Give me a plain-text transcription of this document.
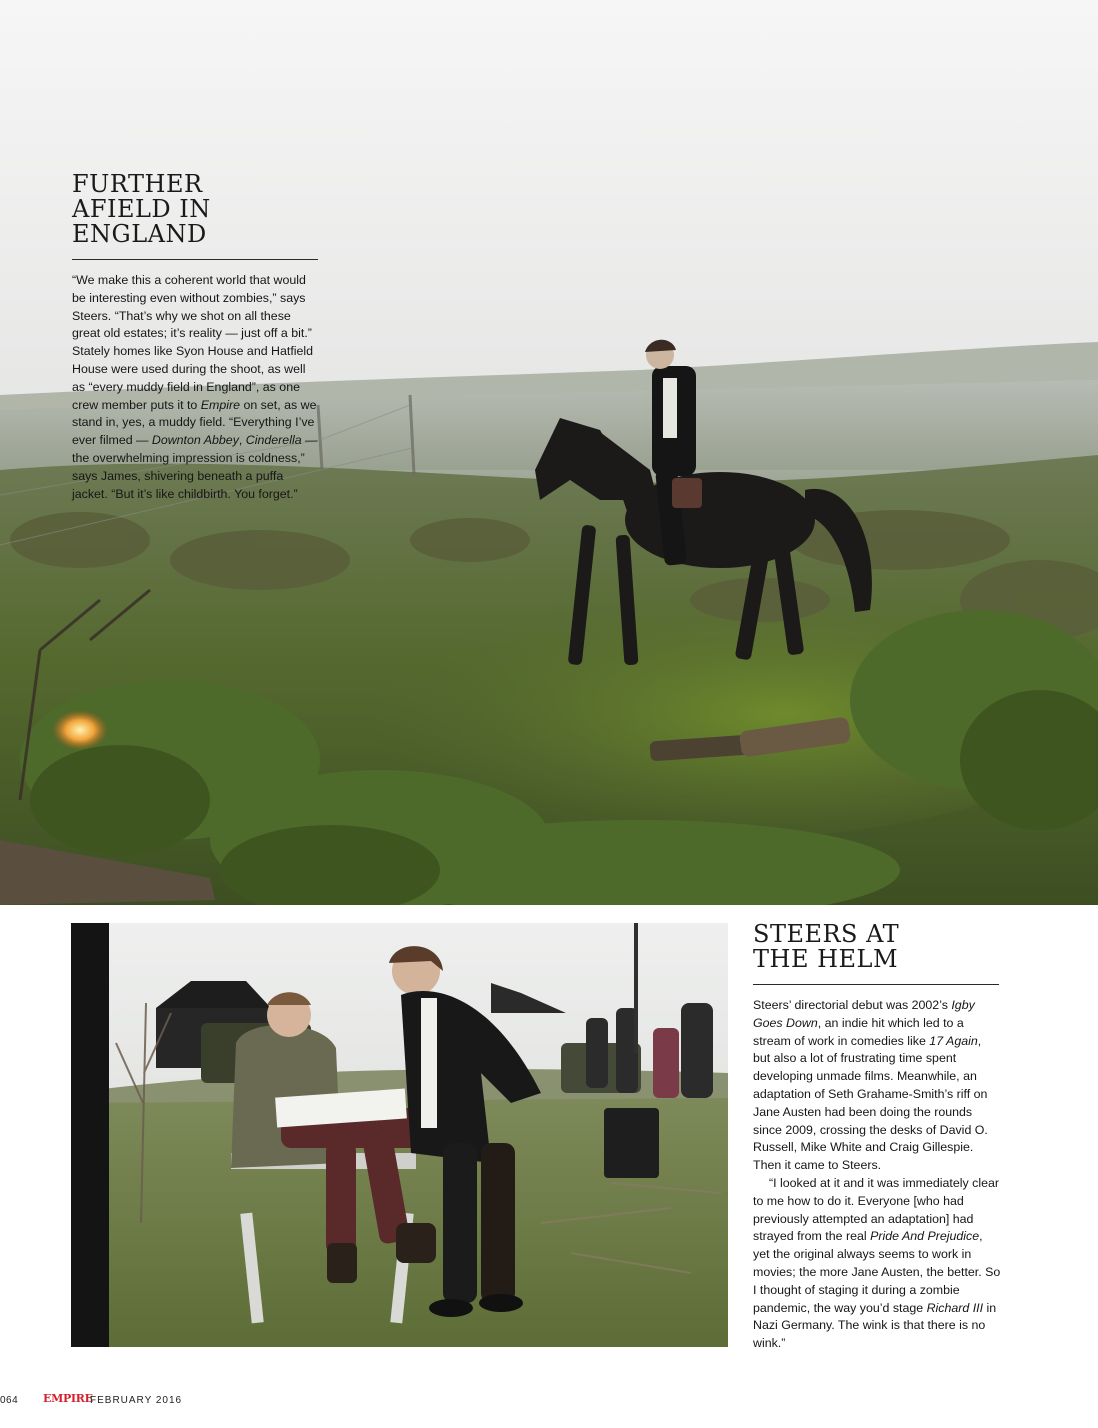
FURTHER
AFIELD IN
ENGLAND

“We make this a coherent world that would be interesting even without zombies,” says Steers. “That’s why we shot on all these great old estates; it’s reality — just off a bit.” Stately homes like Syon House and Hatfield House were used during the shoot, as well as “every muddy field in England”, as one crew member puts it to Empire on set, as we stand in, yes, a muddy field. “Everything I’ve ever filmed — Downton Abbey, Cinderella — the overwhelming impression is coldness,” says James, shivering beneath a puffa jacket. “But it’s like childbirth. You forget.”

STEERS AT
THE HELM

Steers’ directorial debut was 2002’s Igby Goes Down, an indie hit which led to a stream of work in comedies like 17 Again, but also a lot of frustrating time spent developing unmade films. Meanwhile, an adaptation of Seth Grahame-Smith’s riff on Jane Austen had been doing the rounds since 2009, crossing the desks of David O. Russell, Mike White and Craig Gillespie. Then it came to Steers.

“I looked at it and it was immediately clear to me how to do it. Everyone [who had previously attempted an adaptation] had strayed from the real Pride And Prejudice, yet the original always seems to work in movies; the more Jane Austen, the better. So I thought of staging it during a zombie pandemic, the way you’d stage Richard III in Nazi Germany. The wink is that there is no wink.”

064 EMPIRE
FEBRUARY 2016
